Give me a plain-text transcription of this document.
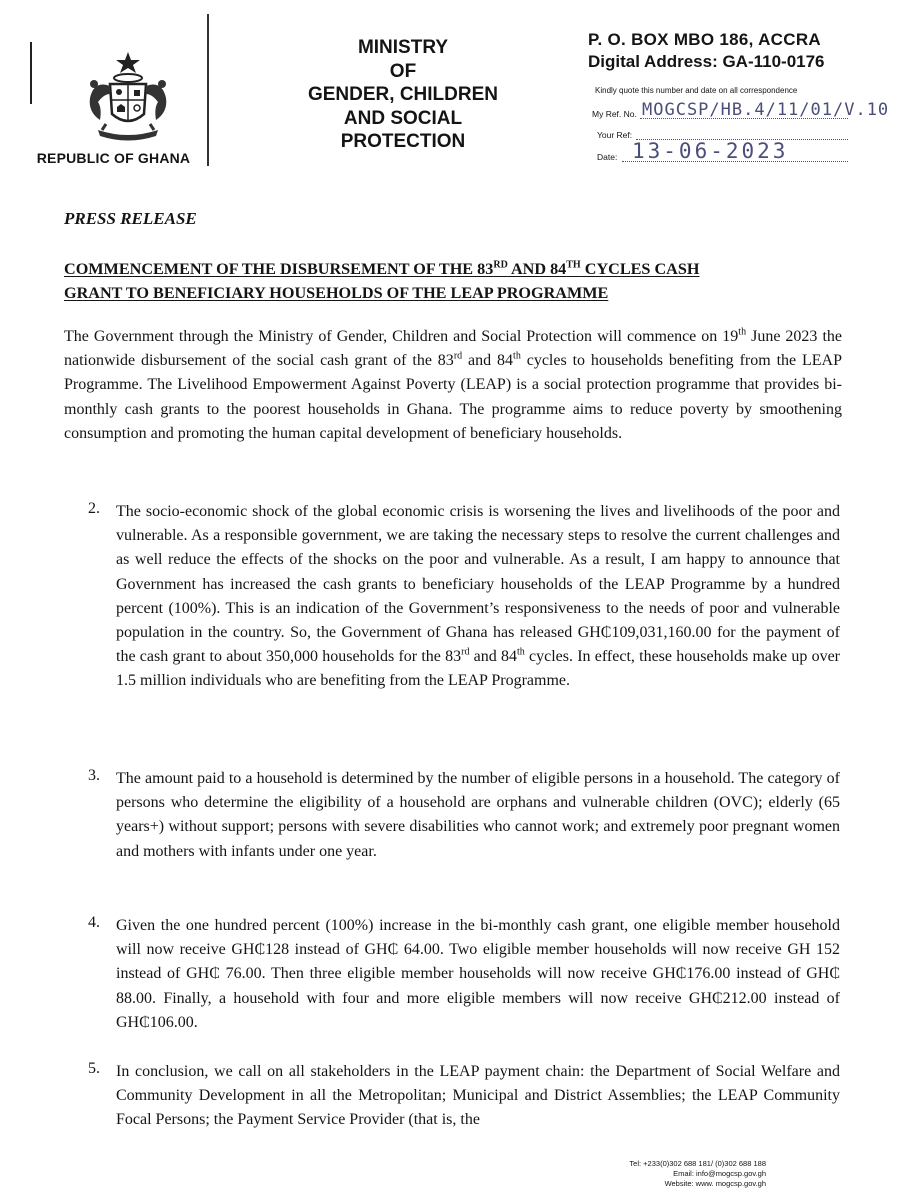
REPUBLIC OF GHANA
MINISTRY
OF
GENDER, CHILDREN
AND SOCIAL
PROTECTION
P. O. BOX MBO 186, ACCRA
Digital Address: GA-110-0176
Kindly quote this number and date on all correspondence
My Ref. No. MOGCSP/HB.4/11/01/V.10
Your Ref:
Date: 13-06-2023
PRESS RELEASE
COMMENCEMENT OF THE DISBURSEMENT OF THE 83RD AND 84TH CYCLES CASH
GRANT TO BENEFICIARY HOUSEHOLDS OF THE LEAP PROGRAMME
The Government through the Ministry of Gender, Children and Social Protection will commence on 19th June 2023 the nationwide disbursement of the social cash grant of the 83rd and 84th cycles to households benefiting from the LEAP Programme. The Livelihood Empowerment Against Poverty (LEAP) is a social protection programme that provides bi-monthly cash grants to the poorest households in Ghana. The programme aims to reduce poverty by smoothening consumption and promoting the human capital development of beneficiary households.
2. The socio-economic shock of the global economic crisis is worsening the lives and livelihoods of the poor and vulnerable. As a responsible government, we are taking the necessary steps to resolve the current challenges and as well reduce the effects of the shocks on the poor and vulnerable. As a result, I am happy to announce that Government has increased the cash grants to beneficiary households of the LEAP Programme by a hundred percent (100%). This is an indication of the Government’s responsiveness to the needs of poor and vulnerable population in the country. So, the Government of Ghana has released GH₵109,031,160.00 for the payment of the cash grant to about 350,000 households for the 83rd and 84th cycles. In effect, these households make up over 1.5 million individuals who are benefiting from the LEAP Programme.
3. The amount paid to a household is determined by the number of eligible persons in a household. The category of persons who determine the eligibility of a household are orphans and vulnerable children (OVC); elderly (65 years+) without support; persons with severe disabilities who cannot work; and extremely poor pregnant women and mothers with infants under one year.
4. Given the one hundred percent (100%) increase in the bi-monthly cash grant, one eligible member household will now receive GH₵128 instead of GH₵ 64.00. Two eligible member households will now receive GH 152 instead of GH₵ 76.00. Then three eligible member households will now receive GH₵176.00 instead of GH₵ 88.00. Finally, a household with four and more eligible members will now receive GH₵212.00 instead of GH₵106.00.
5. In conclusion, we call on all stakeholders in the LEAP payment chain: the Department of Social Welfare and Community Development in all the Metropolitan; Municipal and District Assemblies; the LEAP Community Focal Persons; the Payment Service Provider (that is, the
Tel: +233(0)302 688 181/ (0)302 688 188
Email: info@mogcsp.gov.gh
Website: www. mogcsp.gov.gh
